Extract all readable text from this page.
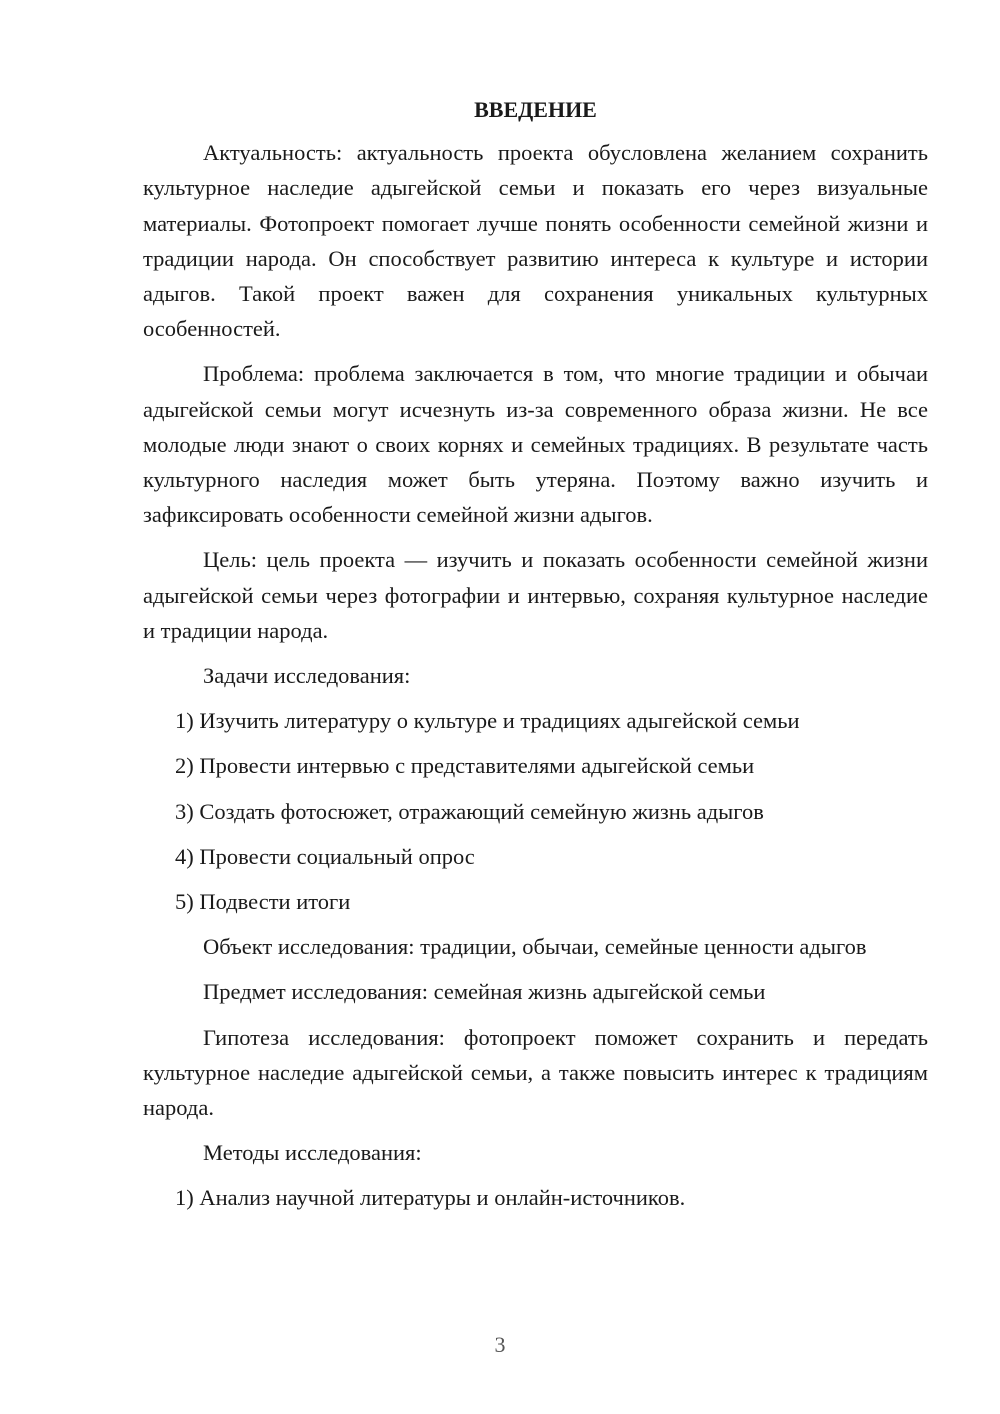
ВВЕДЕНИЕ

Актуальность: актуальность проекта обусловлена желанием сохранить культурное наследие адыгейской семьи и показать его через визуальные материалы. Фотопроект помогает лучше понять особенности семейной жизни и традиции народа. Он способствует развитию интереса к культуре и истории адыгов. Такой проект важен для сохранения уникальных культурных особенностей.

Проблема: проблема заключается в том, что многие традиции и обычаи адыгейской семьи могут исчезнуть из-за современного образа жизни. Не все молодые люди знают о своих корнях и семейных традициях. В результате часть культурного наследия может быть утеряна. Поэтому важно изучить и зафиксировать особенности семейной жизни адыгов.

Цель: цель проекта — изучить и показать особенности семейной жизни адыгейской семьи через фотографии и интервью, сохраняя культурное наследие и традиции народа.

Задачи исследования:

1) Изучить литературу о культуре и традициях адыгейской семьи
2) Провести интервью с представителями адыгейской семьи
3) Создать фотосюжет, отражающий семейную жизнь адыгов
4) Провести социальный опрос
5) Подвести итоги

Объект исследования: традиции, обычаи, семейные ценности адыгов

Предмет исследования: семейная жизнь адыгейской семьи

Гипотеза исследования: фотопроект поможет сохранить и передать культурное наследие адыгейской семьи, а также повысить интерес к традициям народа.

Методы исследования:

1) Анализ научной литературы и онлайн-источников.
3
